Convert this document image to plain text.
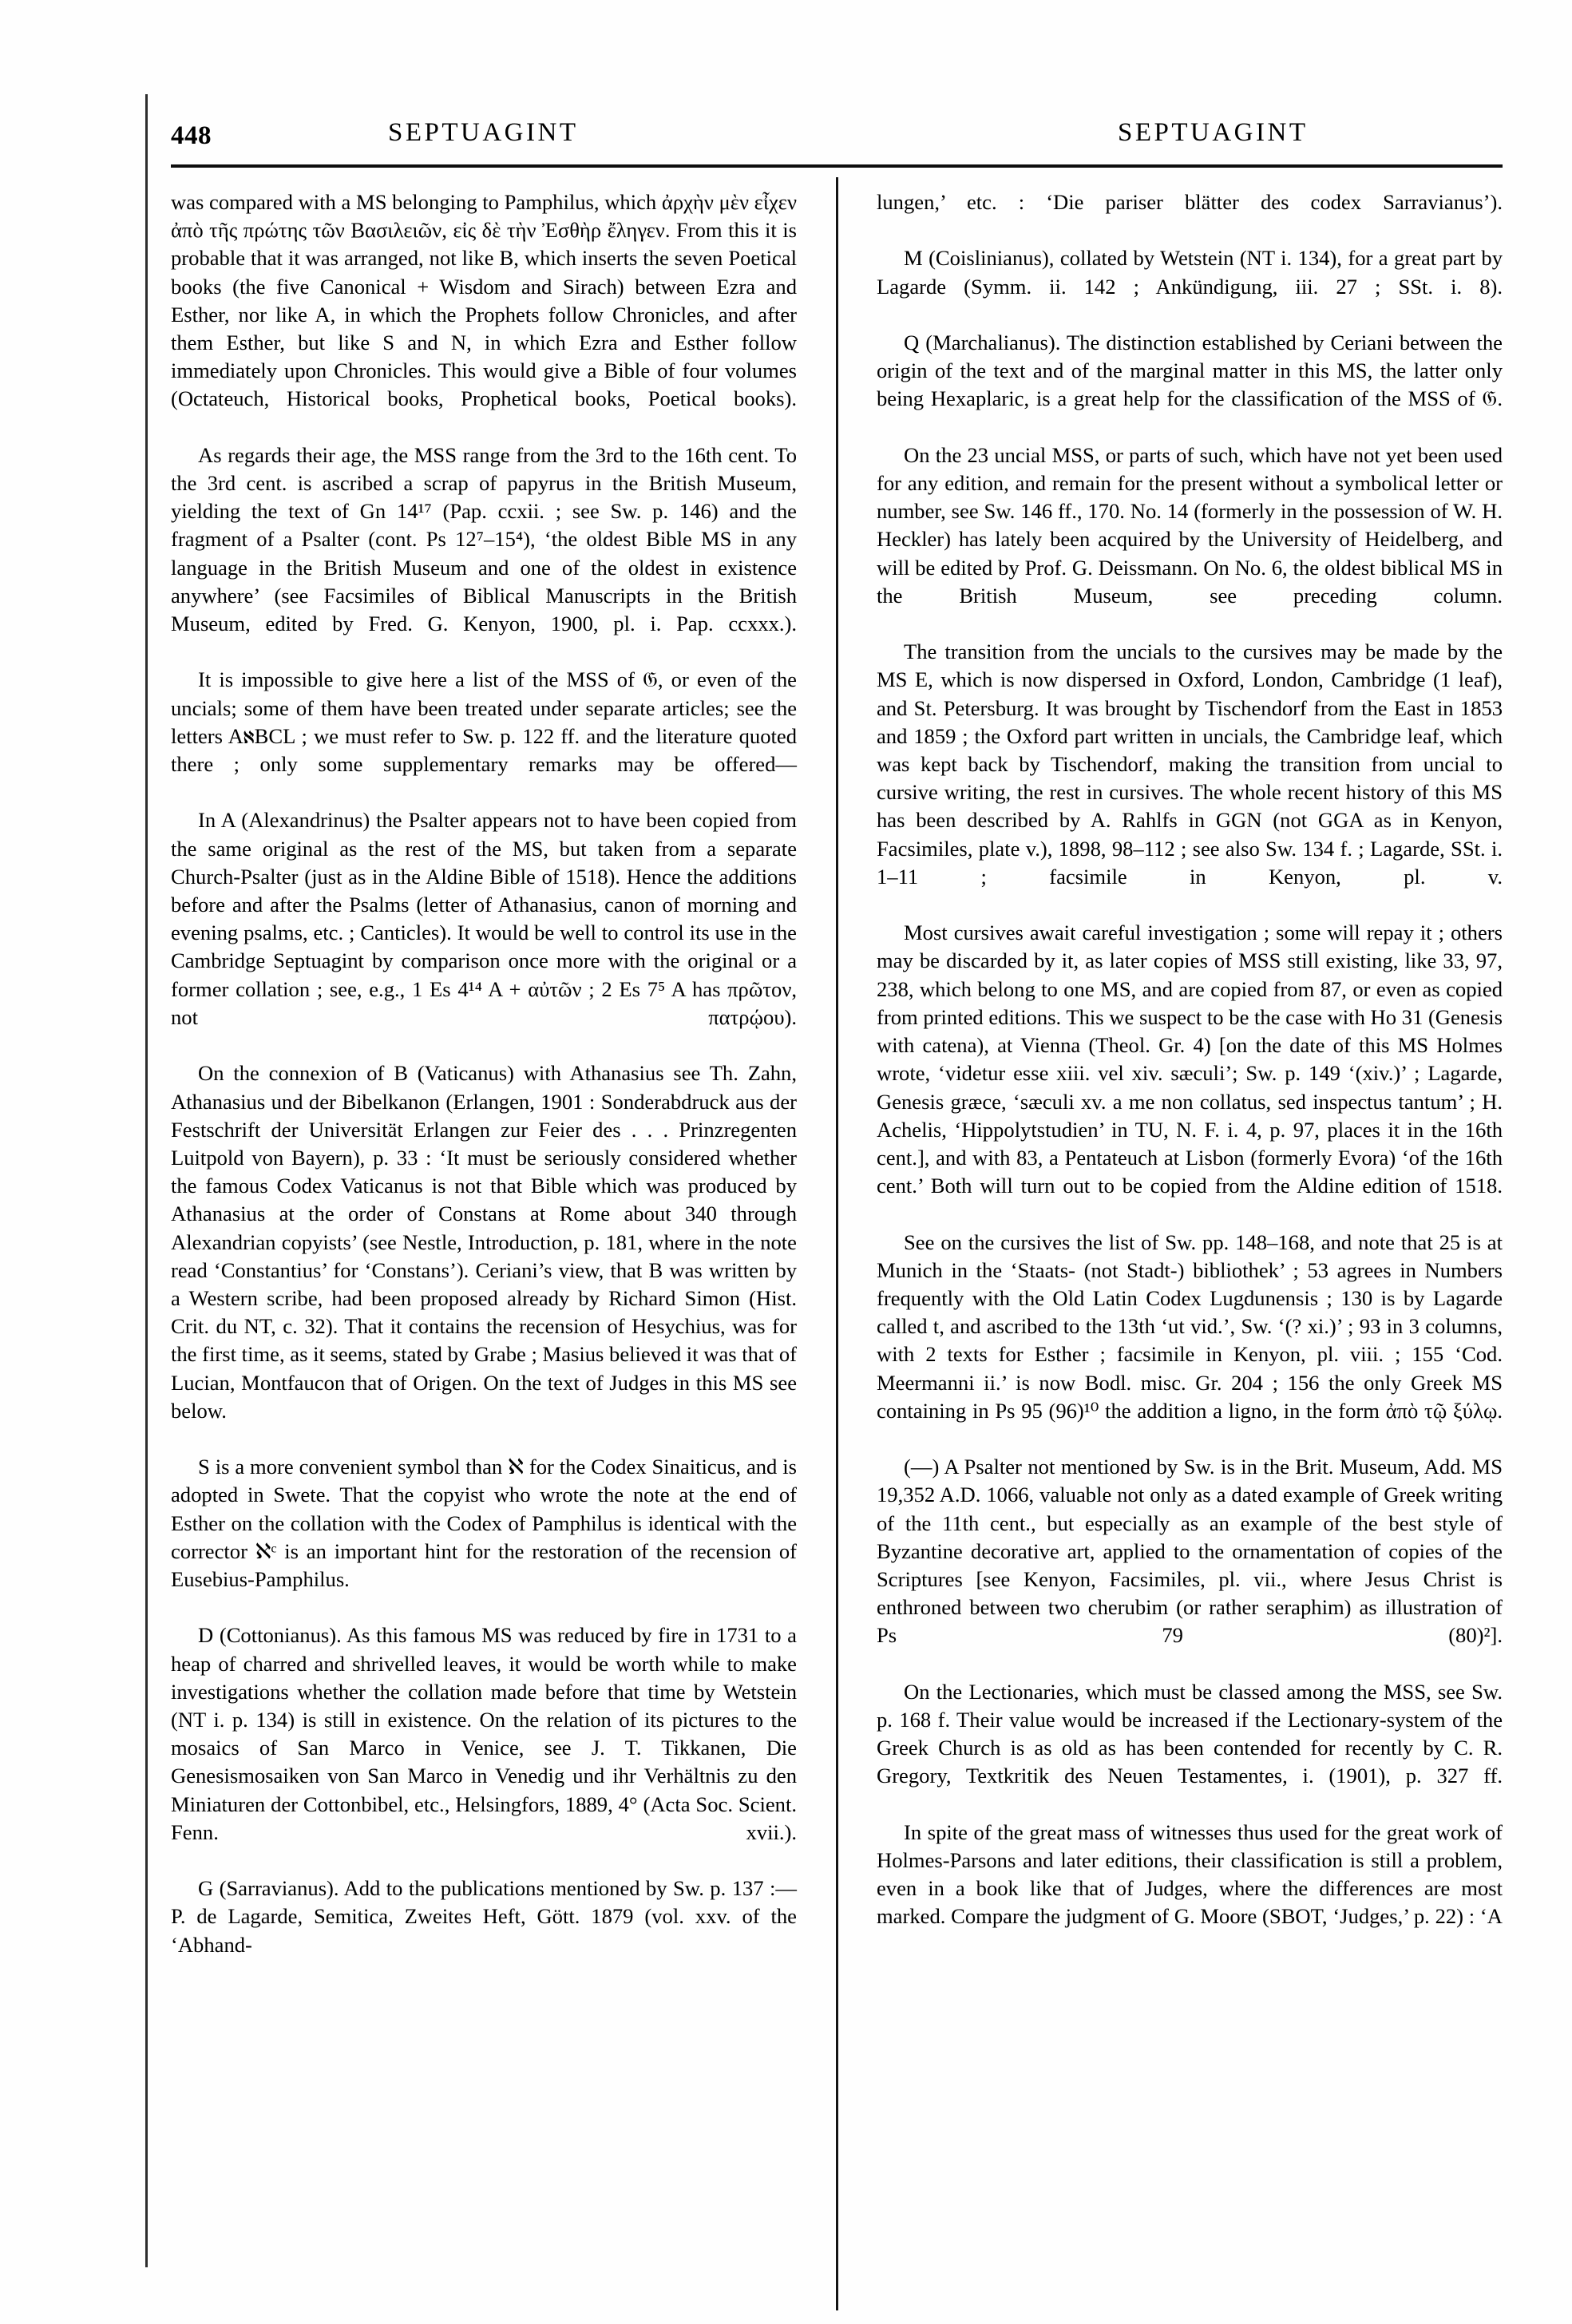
448	SEPTUAGINT	SEPTUAGINT

was compared with a MS belonging to Pamphilus, which ἀρχὴν μὲν εἶχεν ἀπὸ τῆς πρώτης τῶν Βασιλειῶν, εἰς δὲ τὴν Ἐσθὴρ ἔληγεν. From this it is probable that it was arranged, not like B, which inserts the seven Poetical books (the five Canonical + Wisdom and Sirach) between Ezra and Esther, nor like A, in which the Prophets follow Chronicles, and after them Esther, but like S and N, in which Ezra and Esther follow immediately upon Chronicles. This would give a Bible of four volumes (Octateuch, Historical books, Prophetical books, Poetical books).

As regards their age, the MSS range from the 3rd to the 16th cent. To the 3rd cent. is ascribed a scrap of papyrus in the British Museum, yielding the text of Gn 14¹⁷ (Pap. ccxii. ; see Sw. p. 146) and the fragment of a Psalter (cont. Ps 12⁷–15⁴), ‘the oldest Bible MS in any language in the British Museum and one of the oldest in existence anywhere’ (see Facsimiles of Biblical Manuscripts in the British Museum, edited by Fred. G. Kenyon, 1900, pl. i. Pap. ccxxx.).

It is impossible to give here a list of the MSS of 𝔊, or even of the uncials; some of them have been treated under separate articles; see the letters AℵBCL ; we must refer to Sw. p. 122 ff. and the literature quoted there ; only some supplementary remarks may be offered—

In A (Alexandrinus) the Psalter appears not to have been copied from the same original as the rest of the MS, but taken from a separate Church-Psalter (just as in the Aldine Bible of 1518). Hence the additions before and after the Psalms (letter of Athanasius, canon of morning and evening psalms, etc. ; Canticles). It would be well to control its use in the Cambridge Septuagint by comparison once more with the original or a former collation ; see, e.g., 1 Es 4¹⁴ A + αὐτῶν ; 2 Es 7⁵ A has πρῶτον, not πατρῴου).

On the connexion of B (Vaticanus) with Athanasius see Th. Zahn, Athanasius und der Bibelkanon (Erlangen, 1901 : Sonderabdruck aus der Festschrift der Universität Erlangen zur Feier des . . . Prinzregenten Luitpold von Bayern), p. 33 : ‘It must be seriously considered whether the famous Codex Vaticanus is not that Bible which was produced by Athanasius at the order of Constans at Rome about 340 through Alexandrian copyists’ (see Nestle, Introduction, p. 181, where in the note read ‘Constantius’ for ‘Constans’). Ceriani’s view, that B was written by a Western scribe, had been proposed already by Richard Simon (Hist. Crit. du NT, c. 32). That it contains the recension of Hesychius, was for the first time, as it seems, stated by Grabe ; Masius believed it was that of Lucian, Montfaucon that of Origen. On the text of Judges in this MS see below.

S is a more convenient symbol than ℵ for the Codex Sinaiticus, and is adopted in Swete. That the copyist who wrote the note at the end of Esther on the collation with the Codex of Pamphilus is identical with the corrector ℵᶜ is an important hint for the restoration of the recension of Eusebius-Pamphilus.

D (Cottonianus). As this famous MS was reduced by fire in 1731 to a heap of charred and shrivelled leaves, it would be worth while to make investigations whether the collation made before that time by Wetstein (NT i. p. 134) is still in existence. On the relation of its pictures to the mosaics of San Marco in Venice, see J. T. Tikkanen, Die Genesismosaiken von San Marco in Venedig und ihr Verhältnis zu den Miniaturen der Cottonbibel, etc., Helsingfors, 1889, 4° (Acta Soc. Scient. Fenn. xvii.).

G (Sarravianus). Add to the publications mentioned by Sw. p. 137 :—P. de Lagarde, Semitica, Zweites Heft, Gött. 1879 (vol. xxv. of the ‘Abhand-

lungen,’ etc. : ‘Die pariser blätter des codex Sarravianus’).

M (Coislinianus), collated by Wetstein (NT i. 134), for a great part by Lagarde (Symm. ii. 142 ; Ankündigung, iii. 27 ; SSt. i. 8).

Q (Marchalianus). The distinction established by Ceriani between the origin of the text and of the marginal matter in this MS, the latter only being Hexaplaric, is a great help for the classification of the MSS of 𝔊.

On the 23 uncial MSS, or parts of such, which have not yet been used for any edition, and remain for the present without a symbolical letter or number, see Sw. 146 ff., 170. No. 14 (formerly in the possession of W. H. Heckler) has lately been acquired by the University of Heidelberg, and will be edited by Prof. G. Deissmann. On No. 6, the oldest biblical MS in the British Museum, see preceding column.

The transition from the uncials to the cursives may be made by the MS E, which is now dispersed in Oxford, London, Cambridge (1 leaf), and St. Petersburg. It was brought by Tischendorf from the East in 1853 and 1859 ; the Oxford part written in uncials, the Cambridge leaf, which was kept back by Tischendorf, making the transition from uncial to cursive writing, the rest in cursives. The whole recent history of this MS has been described by A. Rahlfs in GGN (not GGA as in Kenyon, Facsimiles, plate v.), 1898, 98–112 ; see also Sw. 134 f. ; Lagarde, SSt. i. 1–11 ; facsimile in Kenyon, pl. v.

Most cursives await careful investigation ; some will repay it ; others may be discarded by it, as later copies of MSS still existing, like 33, 97, 238, which belong to one MS, and are copied from 87, or even as copied from printed editions. This we suspect to be the case with Ho 31 (Genesis with catena), at Vienna (Theol. Gr. 4) [on the date of this MS Holmes wrote, ‘videtur esse xiii. vel xiv. sæculi’; Sw. p. 149 ‘(xiv.)’ ; Lagarde, Genesis græce, ‘sæculi xv. a me non collatus, sed inspectus tantum’ ; H. Achelis, ‘Hippolytstudien’ in TU, N. F. i. 4, p. 97, places it in the 16th cent.], and with 83, a Pentateuch at Lisbon (formerly Evora) ‘of the 16th cent.’ Both will turn out to be copied from the Aldine edition of 1518.

See on the cursives the list of Sw. pp. 148–168, and note that 25 is at Munich in the ‘Staats- (not Stadt-) bibliothek’ ; 53 agrees in Numbers frequently with the Old Latin Codex Lugdunensis ; 130 is by Lagarde called t, and ascribed to the 13th ‘ut vid.’, Sw. ‘(? xi.)’ ; 93 in 3 columns, with 2 texts for Esther ; facsimile in Kenyon, pl. viii. ; 155 ‘Cod. Meermanni ii.’ is now Bodl. misc. Gr. 204 ; 156 the only Greek MS containing in Ps 95 (96)¹⁰ the addition a ligno, in the form ἀπὸ τῷ ξύλῳ.

(—) A Psalter not mentioned by Sw. is in the Brit. Museum, Add. MS 19,352 A.D. 1066, valuable not only as a dated example of Greek writing of the 11th cent., but especially as an example of the best style of Byzantine decorative art, applied to the ornamentation of copies of the Scriptures [see Kenyon, Facsimiles, pl. vii., where Jesus Christ is enthroned between two cherubim (or rather seraphim) as illustration of Ps 79 (80)²].

On the Lectionaries, which must be classed among the MSS, see Sw. p. 168 f. Their value would be increased if the Lectionary-system of the Greek Church is as old as has been contended for recently by C. R. Gregory, Textkritik des Neuen Testamentes, i. (1901), p. 327 ff.

In spite of the great mass of witnesses thus used for the great work of Holmes-Parsons and later editions, their classification is still a problem, even in a book like that of Judges, where the differences are most marked. Compare the judgment of G. Moore (SBOT, ‘Judges,’ p. 22) : ‘A
